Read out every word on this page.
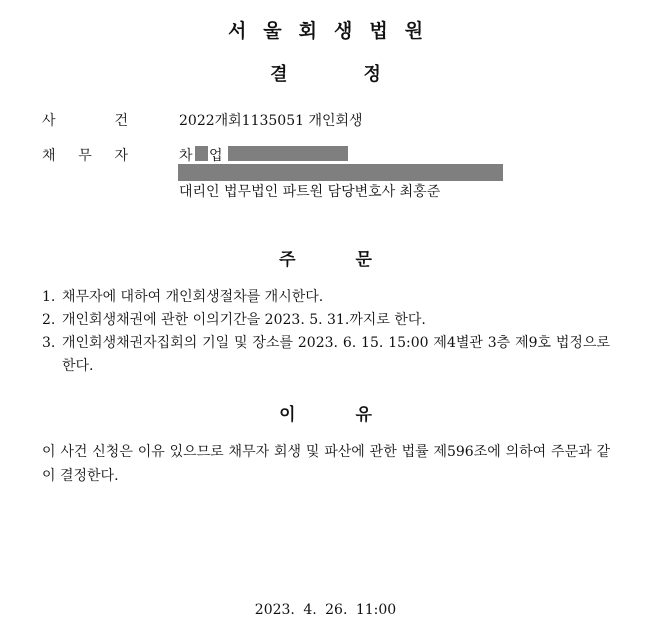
서울회생법원
결정
사	건	2022개회1135051 개인회생
채 무 자	차 업
대리인 법무법인 파트원 담당변호사 최홍준
주문
1. 채무자에 대하여 개인회생절차를 개시한다.
2. 개인회생채권에 관한 이의기간을 2023. 5. 31.까지로 한다.
3. 개인회생채권자집회의 기일 및 장소를 2023. 6. 15. 15:00 제4별관 3층 제9호 법정으로 한다.
이유
이 사건 신청은 이유 있으므로 채무자 회생 및 파산에 관한 법률 제596조에 의하여 주문과 같이 결정한다.
2023. 4. 26. 11:00
